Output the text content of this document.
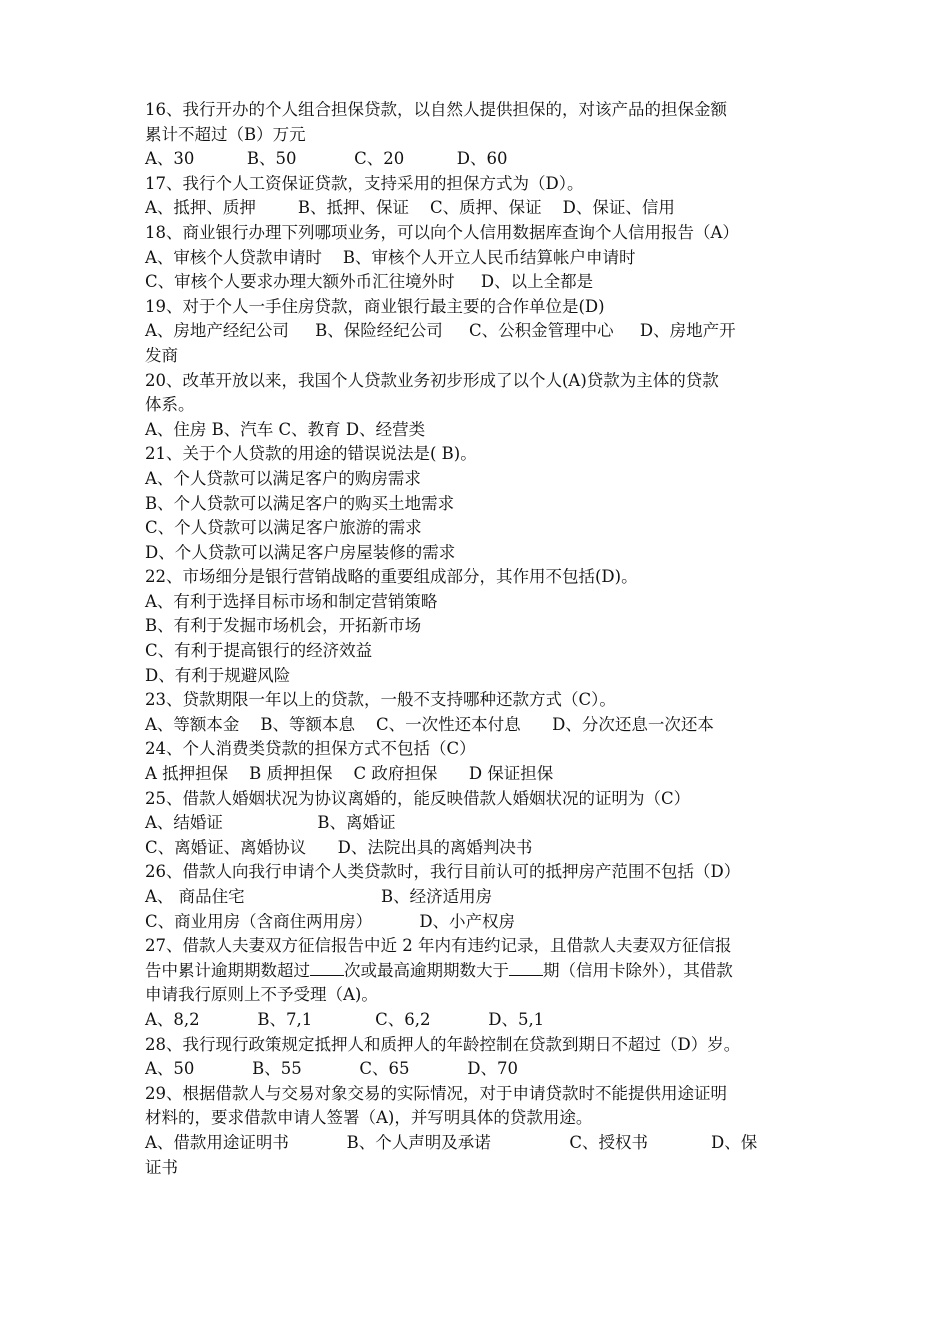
16、我行开办的个人组合担保贷款，以自然人提供担保的，对该产品的担保金额
累计不超过（B）万元
A、30          B、50           C、20          D、60
17、我行个人工资保证贷款，支持采用的担保方式为（D）。
A、抵押、质押        B、抵押、保证    C、质押、保证    D、保证、信用
18、商业银行办理下列哪项业务，可以向个人信用数据库查询个人信用报告（A）
A、审核个人贷款申请时    B、审核个人开立人民币结算帐户申请时
C、审核个人要求办理大额外币汇往境外时     D、以上全都是
19、对于个人一手住房贷款，商业银行最主要的合作单位是(D)
A、房地产经纪公司     B、保险经纪公司     C、公积金管理中心     D、房地产开
发商
20、改革开放以来，我国个人贷款业务初步形成了以个人(A)贷款为主体的贷款
体系。
A、住房 B、汽车 C、教育 D、经营类
21、关于个人贷款的用途的错误说法是( B)。
A、个人贷款可以满足客户的购房需求
B、个人贷款可以满足客户的购买土地需求
C、个人贷款可以满足客户旅游的需求
D、个人贷款可以满足客户房屋装修的需求
22、市场细分是银行营销战略的重要组成部分，其作用不包括(D)。
A、有利于选择目标市场和制定营销策略
B、有利于发掘市场机会，开拓新市场
C、有利于提高银行的经济效益
D、有利于规避风险
23、贷款期限一年以上的贷款，一般不支持哪种还款方式（C）。
A、等额本金    B、等额本息    C、一次性还本付息      D、分次还息一次还本
24、个人消费类贷款的担保方式不包括（C）
A 抵押担保    B 质押担保    C 政府担保      D 保证担保
25、借款人婚姻状况为协议离婚的，能反映借款人婚姻状况的证明为（C）
A、结婚证                  B、离婚证
C、离婚证、离婚协议      D、法院出具的离婚判决书
26、借款人向我行申请个人类贷款时，我行目前认可的抵押房产范围不包括（D）
A、 商品住宅                          B、经济适用房
C、商业用房（含商住两用房）         D、小产权房
27、借款人夫妻双方征信报告中近 2 年内有违约记录，且借款人夫妻双方征信报
告中累计逾期期数超过 次或最高逾期期数大于 期（信用卡除外），其借款
申请我行原则上不予受理（A)。
A、8,2           B、7,1            C、6,2           D、5,1
28、我行现行政策规定抵押人和质押人的年龄控制在贷款到期日不超过（D）岁。
A、50           B、55           C、65           D、70
29、根据借款人与交易对象交易的实际情况，对于申请贷款时不能提供用途证明
材料的，要求借款申请人签署（A)，并写明具体的贷款用途。
A、借款用途证明书           B、个人声明及承诺               C、授权书            D、保
证书
